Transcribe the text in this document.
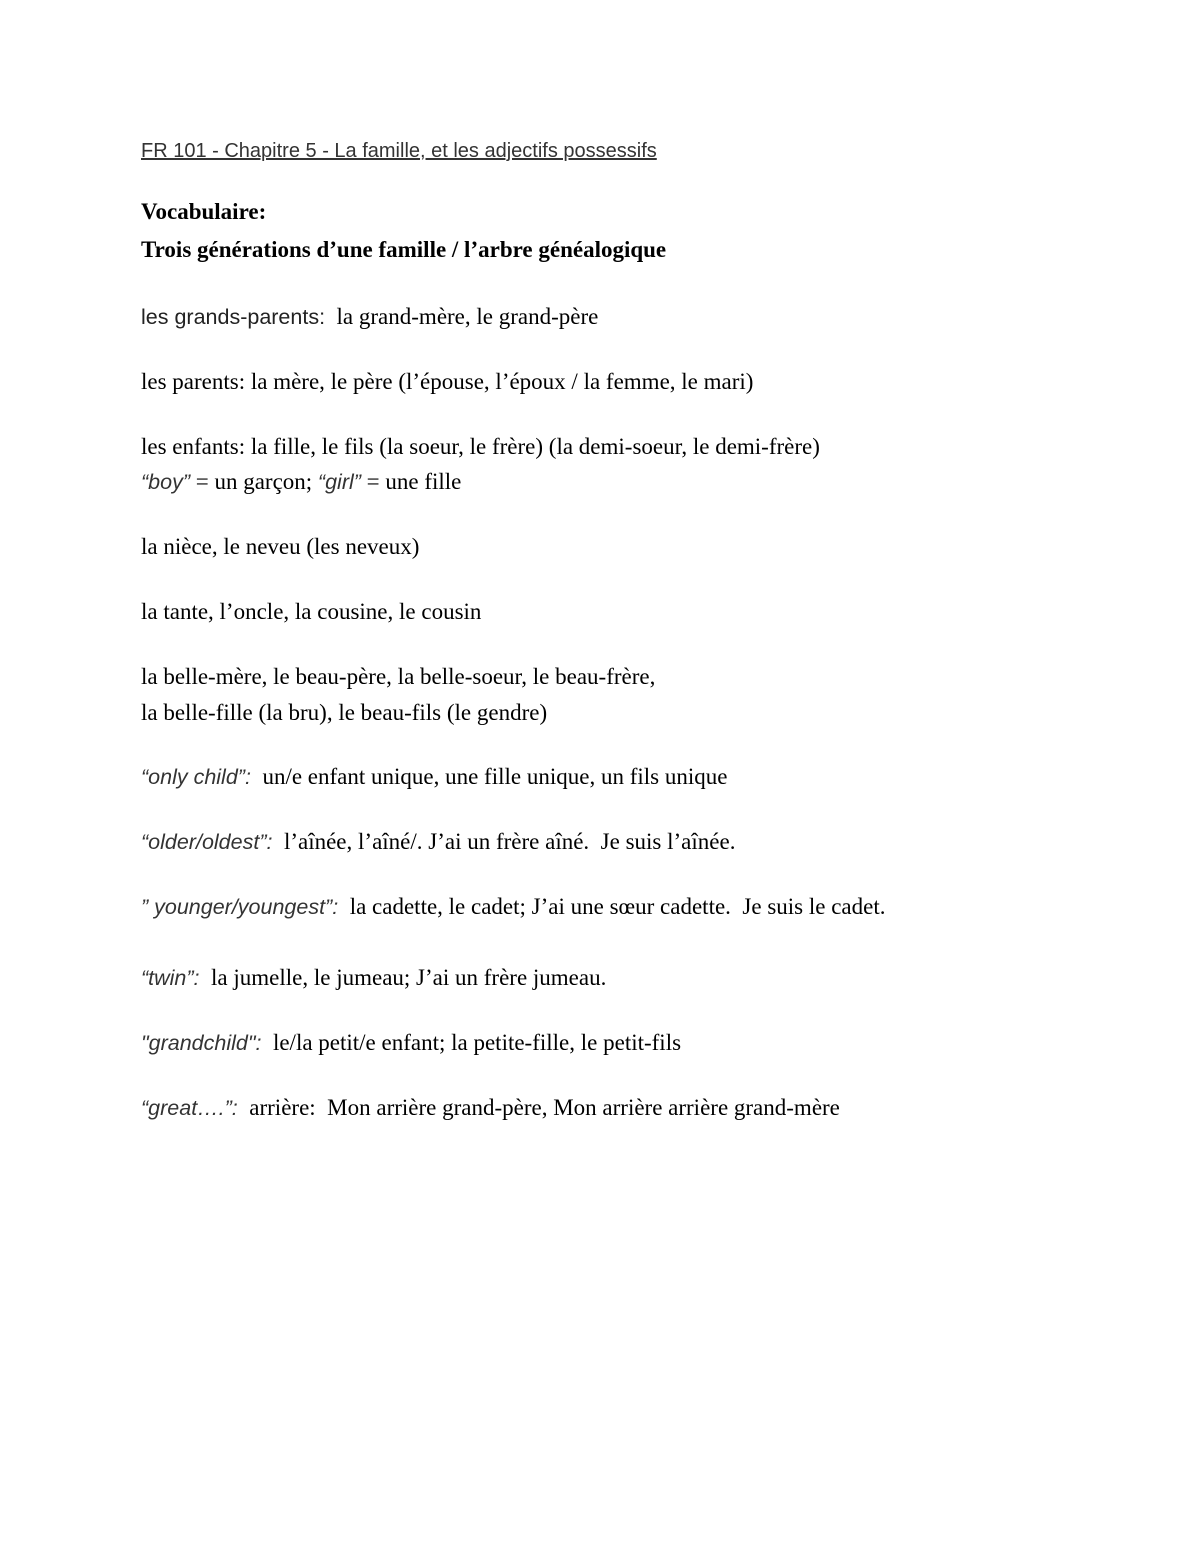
FR 101 - Chapitre 5 - La famille, et les adjectifs possessifs
Vocabulaire:
Trois générations d’une famille / l’arbre généalogique
les grands-parents:  la grand-mère, le grand-père
les parents: la mère, le père (l’épouse, l’époux / la femme, le mari)
les enfants: la fille, le fils (la soeur, le frère) (la demi-soeur, le demi-frère)
“boy” = un garçon; “girl” = une fille
la nièce, le neveu (les neveux)
la tante, l’oncle, la cousine, le cousin
la belle-mère, le beau-père, la belle-soeur, le beau-frère,
la belle-fille (la bru), le beau-fils (le gendre)
“only child”:  un/e enfant unique, une fille unique, un fils unique
“older/oldest”:  l’aînée, l’aîné/. J’ai un frère aîné.  Je suis l’aînée.
” younger/youngest”:  la cadette, le cadet; J’ai une sœur cadette.  Je suis le cadet.
“twin”:  la jumelle, le jumeau; J’ai un frère jumeau.
"grandchild":  le/la petit/e enfant; la petite-fille, le petit-fils
“great….”:  arrière:  Mon arrière grand-père, Mon arrière arrière grand-mère
